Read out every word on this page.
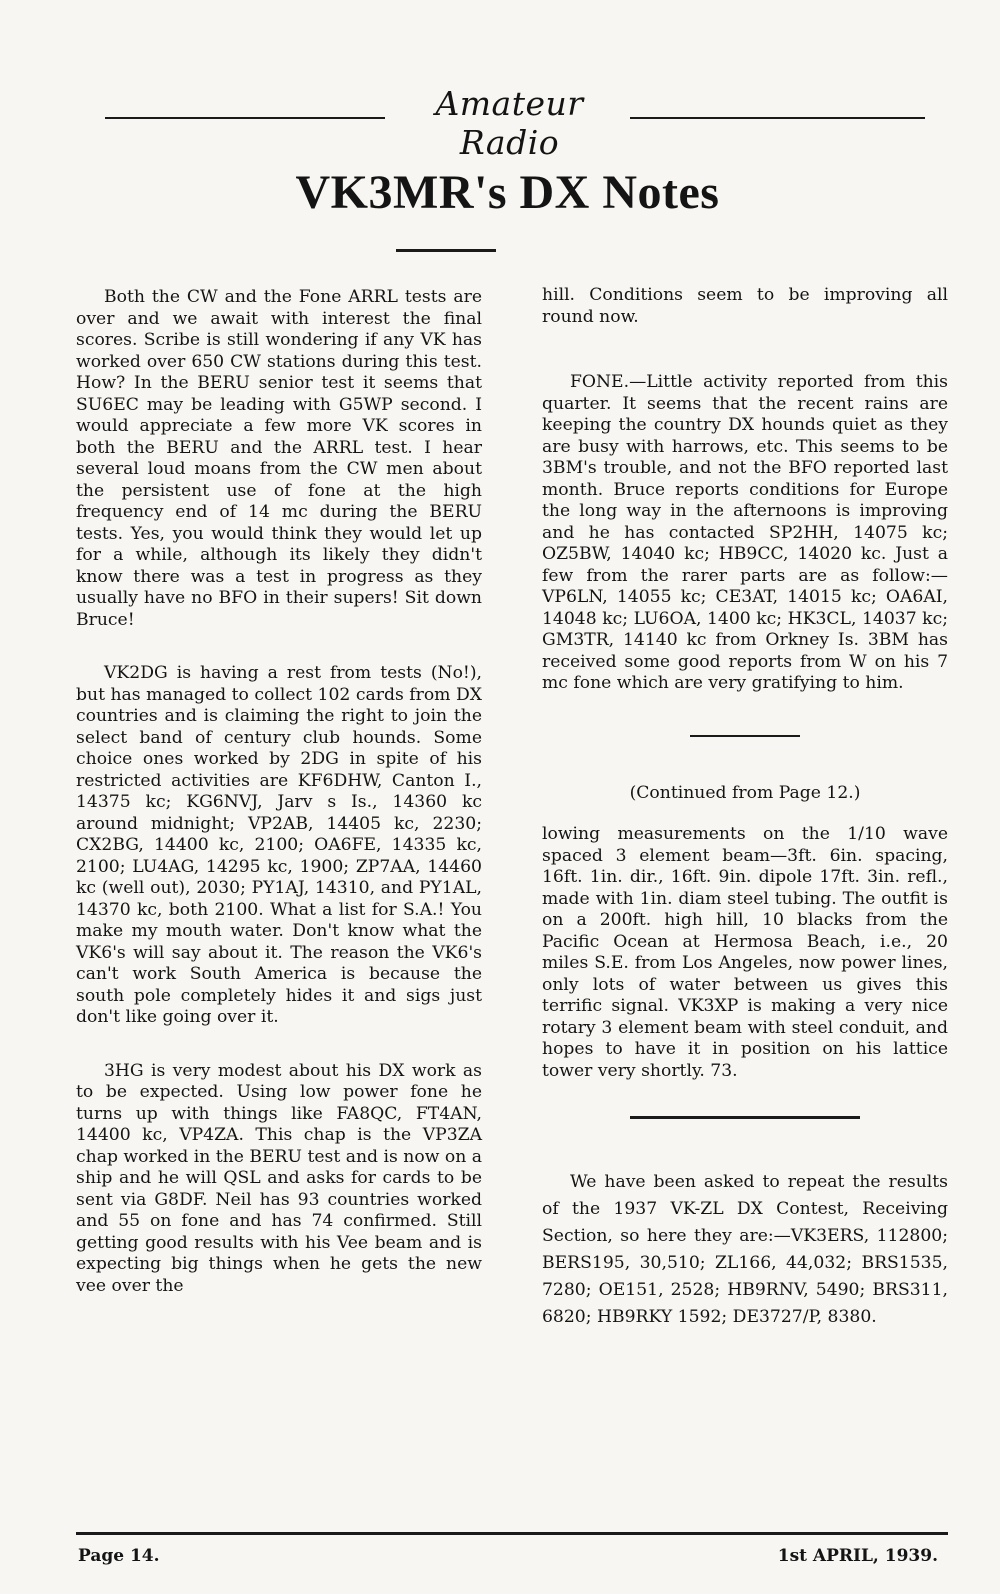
Amateur Radio
VK3MR's DX Notes

Both the CW and the Fone ARRL tests are over and we await with interest the final scores. Scribe is still wondering if any VK has worked over 650 CW stations during this test. How? In the BERU senior test it seems that SU6EC may be leading with G5WP second. I would appreciate a few more VK scores in both the BERU and the ARRL test. I hear several loud moans from the CW men about the persistent use of fone at the high frequency end of 14 mc during the BERU tests. Yes, you would think they would let up for a while, although its likely they didn't know there was a test in progress as they usually have no BFO in their supers! Sit down Bruce!

VK2DG is having a rest from tests (No!), but has managed to collect 102 cards from DX countries and is claiming the right to join the select band of century club hounds. Some choice ones worked by 2DG in spite of his restricted activities are KF6DHW, Canton I., 14375 kc; KG6NVJ, Jarv s Is., 14360 kc around midnight; VP2AB, 14405 kc, 2230; CX2BG, 14400 kc, 2100; OA6FE, 14335 kc, 2100; LU4AG, 14295 kc, 1900; ZP7AA, 14460 kc (well out), 2030; PY1AJ, 14310, and PY1AL, 14370 kc, both 2100. What a list for S.A.! You make my mouth water. Don't know what the VK6's will say about it. The reason the VK6's can't work South America is because the south pole completely hides it and sigs just don't like going over it.

3HG is very modest about his DX work as to be expected. Using low power fone he turns up with things like FA8QC, FT4AN, 14400 kc, VP4ZA. This chap is the VP3ZA chap worked in the BERU test and is now on a ship and he will QSL and asks for cards to be sent via G8DF. Neil has 93 countries worked and 55 on fone and has 74 confirmed. Still getting good results with his Vee beam and is expecting big things when he gets the new vee over the

hill. Conditions seem to be improving all round now.

FONE.—Little activity reported from this quarter. It seems that the recent rains are keeping the country DX hounds quiet as they are busy with harrows, etc. This seems to be 3BM's trouble, and not the BFO reported last month. Bruce reports conditions for Europe the long way in the afternoons is improving and he has contacted SP2HH, 14075 kc; OZ5BW, 14040 kc; HB9CC, 14020 kc. Just a few from the rarer parts are as follow:—VP6LN, 14055 kc; CE3AT, 14015 kc; OA6AI, 14048 kc; LU6OA, 1400 kc; HK3CL, 14037 kc; GM3TR, 14140 kc from Orkney Is. 3BM has received some good reports from W on his 7 mc fone which are very gratifying to him.

(Continued from Page 12.)

lowing measurements on the 1/10 wave spaced 3 element beam—3ft. 6in. spacing, 16ft. 1in. dir., 16ft. 9in. dipole 17ft. 3in. refl., made with 1in. diam steel tubing. The outfit is on a 200ft. high hill, 10 blacks from the Pacific Ocean at Hermosa Beach, i.e., 20 miles S.E. from Los Angeles, now power lines, only lots of water between us gives this terrific signal. VK3XP is making a very nice rotary 3 element beam with steel conduit, and hopes to have it in position on his lattice tower very shortly. 73.

We have been asked to repeat the results of the 1937 VK-ZL DX Contest, Receiving Section, so here they are:—VK3ERS, 112800; BERS195, 30,510; ZL166, 44,032; BRS1535, 7280; OE151, 2528; HB9RNV, 5490; BRS311, 6820; HB9RKY 1592; DE3727/P, 8380.

Page 14.	1st APRIL, 1939.
